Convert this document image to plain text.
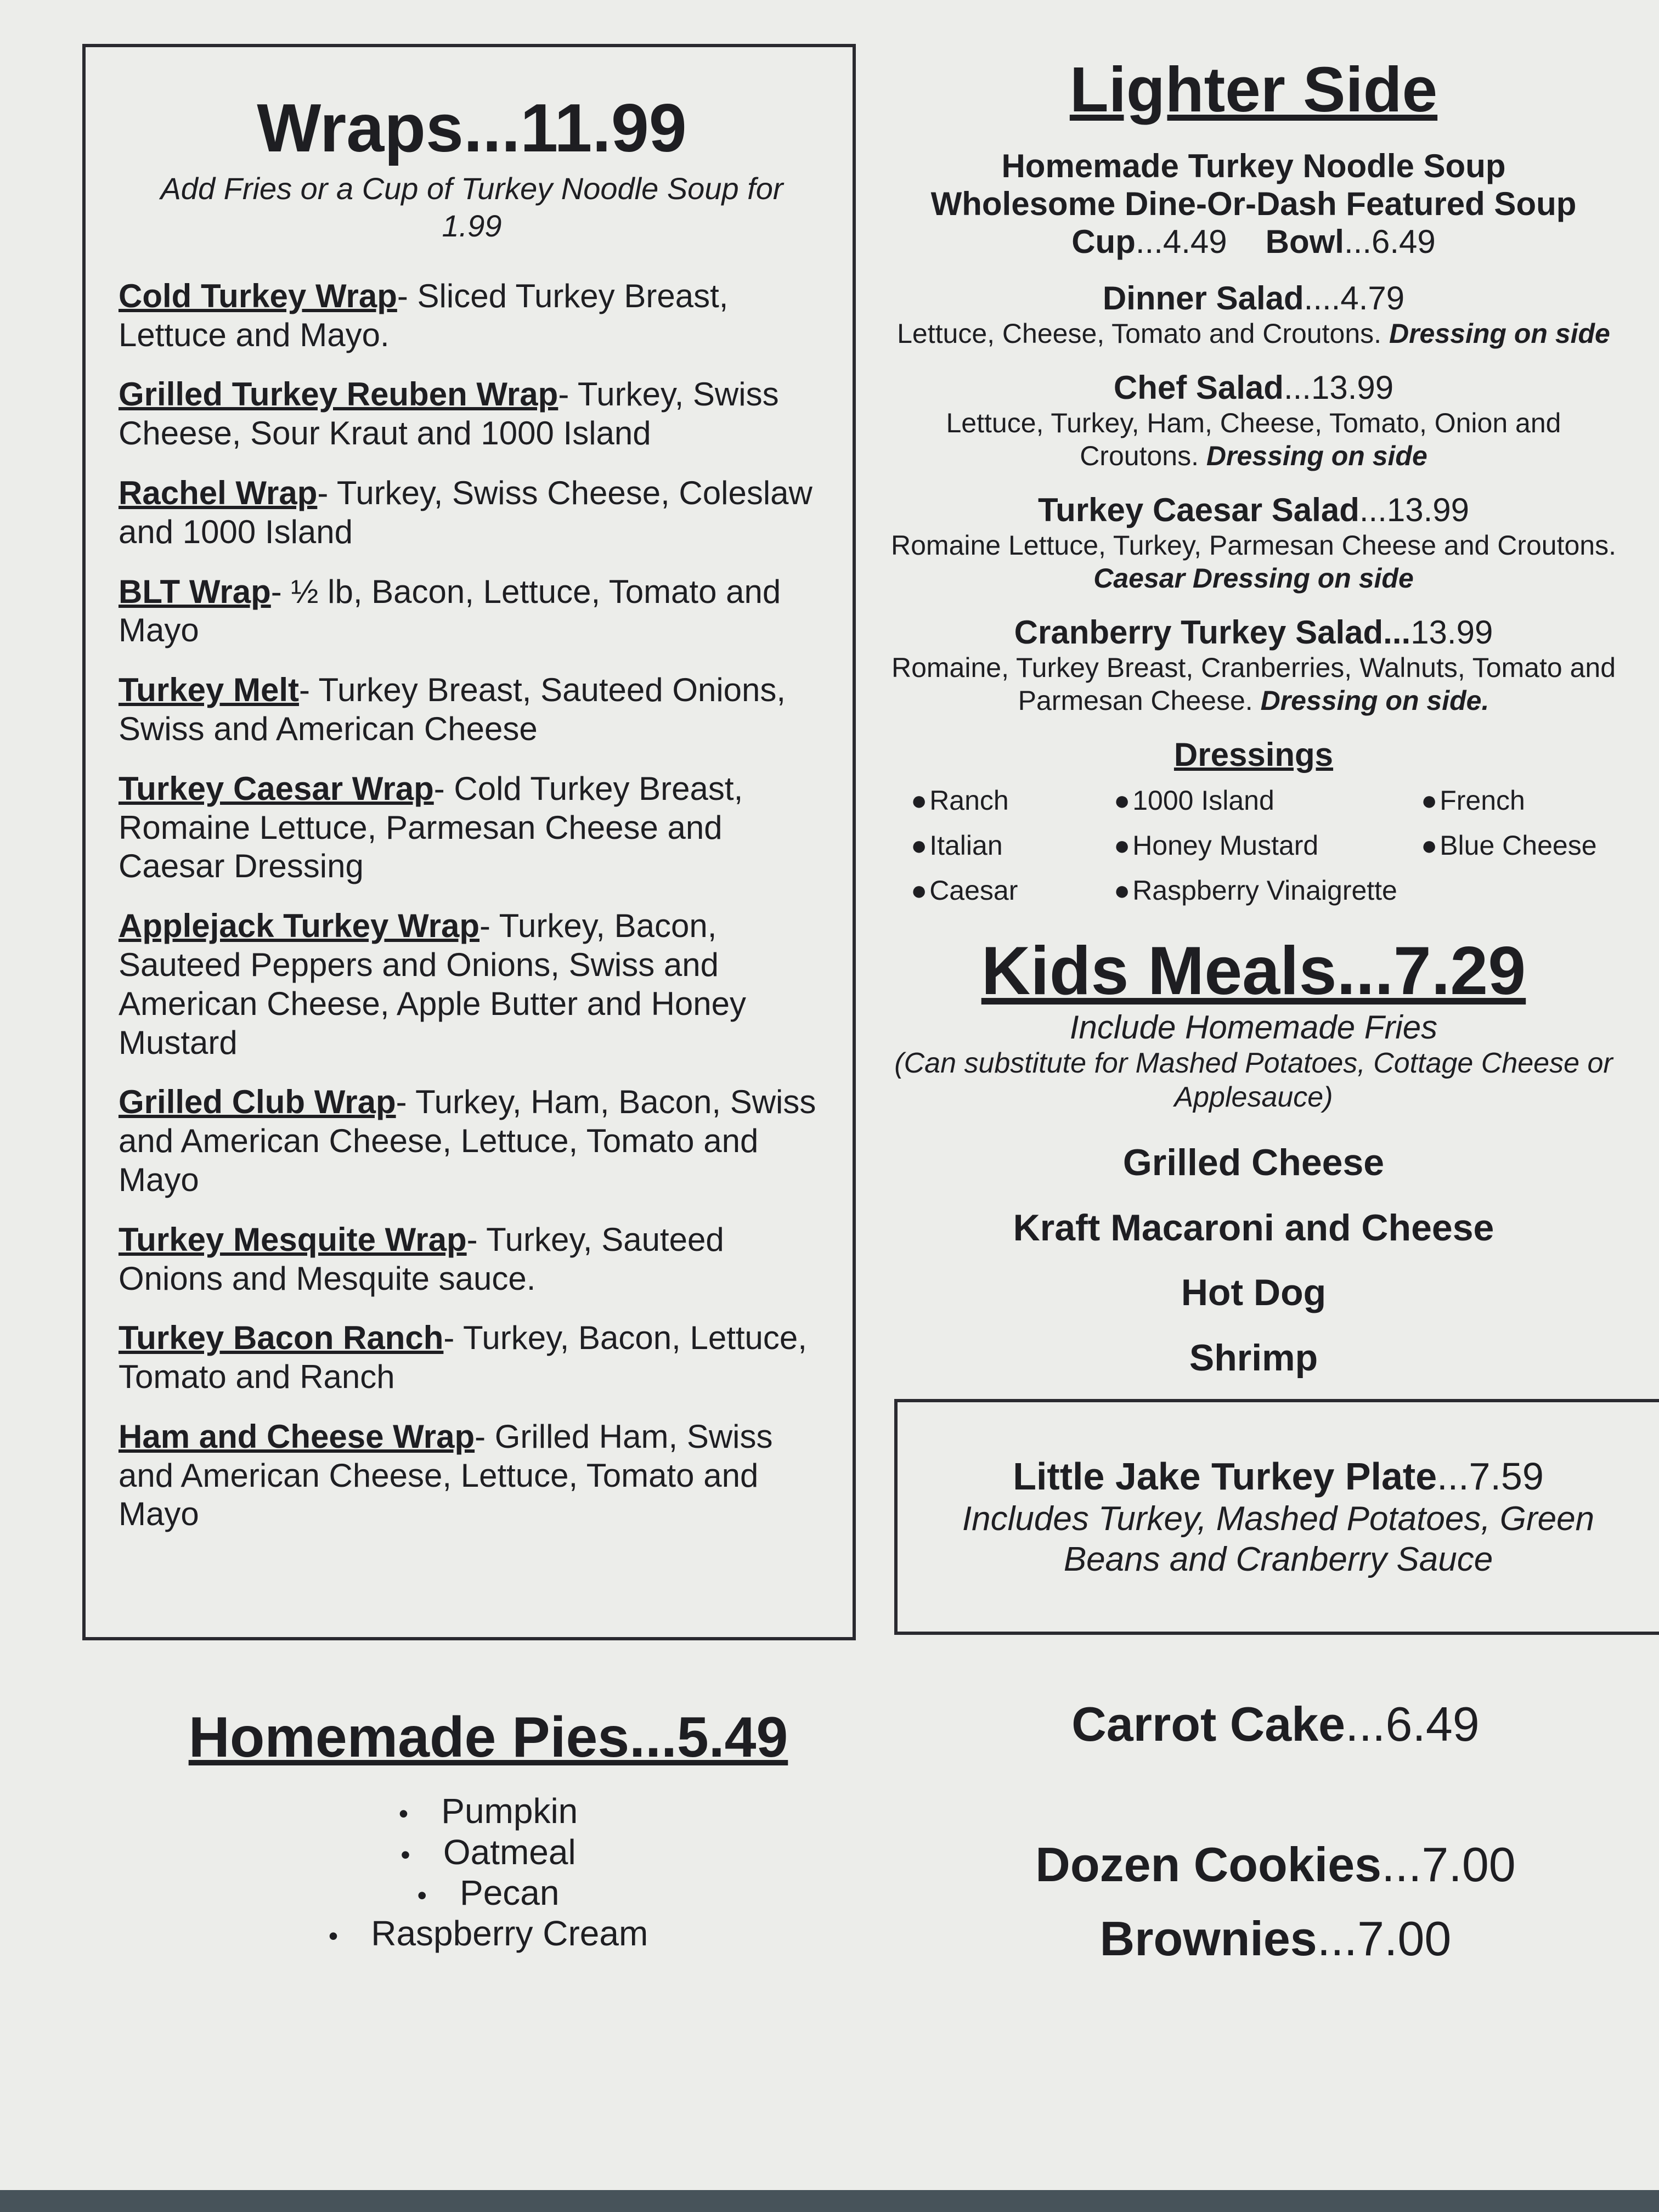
Wraps...11.99

Add Fries or a Cup of Turkey Noodle Soup for 1.99

Cold Turkey Wrap- Sliced Turkey Breast, Lettuce and Mayo.

Grilled Turkey Reuben Wrap- Turkey, Swiss Cheese, Sour Kraut and 1000 Island

Rachel Wrap- Turkey, Swiss Cheese, Coleslaw and 1000 Island

BLT Wrap- ½ lb, Bacon, Lettuce, Tomato and Mayo

Turkey Melt- Turkey Breast, Sauteed Onions, Swiss and American Cheese

Turkey Caesar Wrap- Cold Turkey Breast, Romaine Lettuce, Parmesan Cheese and Caesar Dressing

Applejack Turkey Wrap- Turkey, Bacon, Sauteed Peppers and Onions, Swiss and American Cheese, Apple Butter and Honey Mustard

Grilled Club Wrap- Turkey, Ham, Bacon, Swiss and American Cheese, Lettuce, Tomato and Mayo

Turkey Mesquite Wrap- Turkey, Sauteed Onions and Mesquite sauce.

Turkey Bacon Ranch- Turkey, Bacon, Lettuce, Tomato and Ranch

Ham and Cheese Wrap- Grilled Ham, Swiss and American Cheese, Lettuce, Tomato and Mayo

Lighter Side
Homemade Turkey Noodle Soup
Wholesome Dine-Or-Dash Featured Soup
Cup...4.49 Bowl...6.49
Dinner Salad....4.79
Lettuce, Cheese, Tomato and Croutons. Dressing on side
Chef Salad...13.99
Lettuce, Turkey, Ham, Cheese, Tomato, Onion and Croutons. Dressing on side
Turkey Caesar Salad...13.99
Romaine Lettuce, Turkey, Parmesan Cheese and Croutons. Caesar Dressing on side
Cranberry Turkey Salad...13.99
Romaine, Turkey Breast, Cranberries, Walnuts, Tomato and Parmesan Cheese. Dressing on side.
Dressings
● Ranch	● 1000 Island	● French
● Italian	● Honey Mustard	● Blue Cheese
● Caesar	● Raspberry Vinaigrette
Kids Meals...7.29
Include Homemade Fries
(Can substitute for Mashed Potatoes, Cottage Cheese or Applesauce)
Grilled Cheese
Kraft Macaroni and Cheese
Hot Dog
Shrimp
Little Jake Turkey Plate...7.59
Includes Turkey, Mashed Potatoes, Green Beans and Cranberry Sauce
Homemade Pies...5.49
• Pumpkin
• Oatmeal
• Pecan
• Raspberry Cream
Carrot Cake...6.49
Dozen Cookies...7.00
Brownies...7.00
